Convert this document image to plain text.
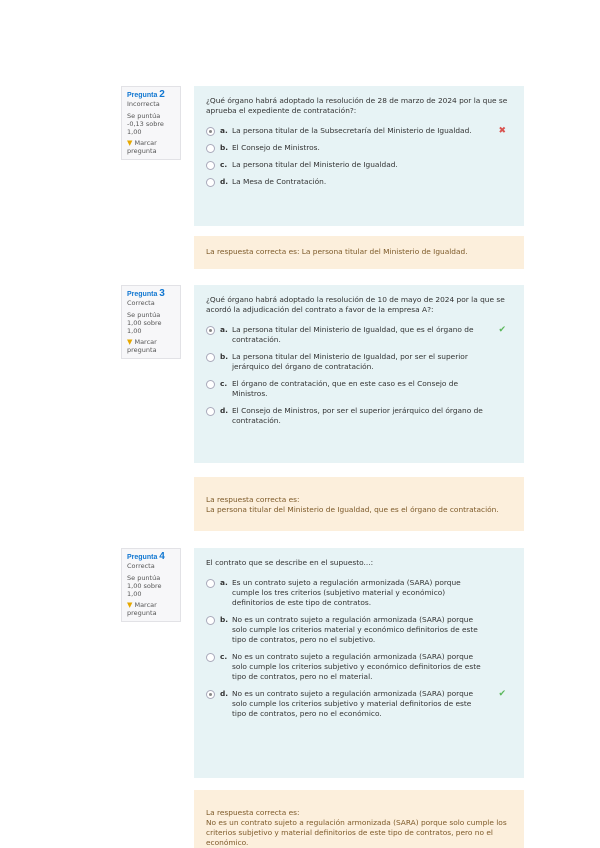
Pregunta 2
Incorrecta
Se puntúa -0,13 sobre 1,00
▼ Marcar pregunta
¿Qué órgano habrá adoptado la resolución de 28 de marzo de 2024 por la que se aprueba el expediente de contratación?:
a. La persona titular de la Subsecretaría del Ministerio de Igualdad.	✖
b. El Consejo de Ministros.
c. La persona titular del Ministerio de Igualdad.
d. La Mesa de Contratación.
La respuesta correcta es: La persona titular del Ministerio de Igualdad.
Pregunta 3
Correcta
Se puntúa 1,00 sobre 1,00
▼ Marcar pregunta
¿Qué órgano habrá adoptado la resolución de 10 de mayo de 2024 por la que se acordó la adjudicación del contrato a favor de la empresa A?:
a. La persona titular del Ministerio de Igualdad, que es el órgano de contratación.
✔
b. La persona titular del Ministerio de Igualdad, por ser el superior jerárquico del órgano de contratación.
c. El órgano de contratación, que en este caso es el Consejo de Ministros.
d. El Consejo de Ministros, por ser el superior jerárquico del órgano de contratación.

La respuesta correcta es:
La persona titular del Ministerio de Igualdad, que es el órgano de contratación.

Pregunta 4
Correcta
Se puntúa 1,00 sobre 1,00
▼ Marcar pregunta
El contrato que se describe en el supuesto...:
a. Es un contrato sujeto a regulación armonizada (SARA) porque cumple los tres criterios (subjetivo material y económico) definitorios de este tipo de contratos.
b. No es un contrato sujeto a regulación armonizada (SARA) porque solo cumple los criterios material y económico definitorios de este tipo de contratos, pero no el subjetivo.
c. No es un contrato sujeto a regulación armonizada (SARA) porque solo cumple los criterios subjetivo y económico definitorios de este tipo de contratos, pero no el material.
d. No es un contrato sujeto a regulación armonizada (SARA) porque solo cumple los criterios subjetivo y material definitorios de este tipo de contratos, pero no el económico.
✔

La respuesta correcta es:
No es un contrato sujeto a regulación armonizada (SARA) porque solo cumple los criterios subjetivo y material definitorios de este tipo de contratos, pero no el económico.
